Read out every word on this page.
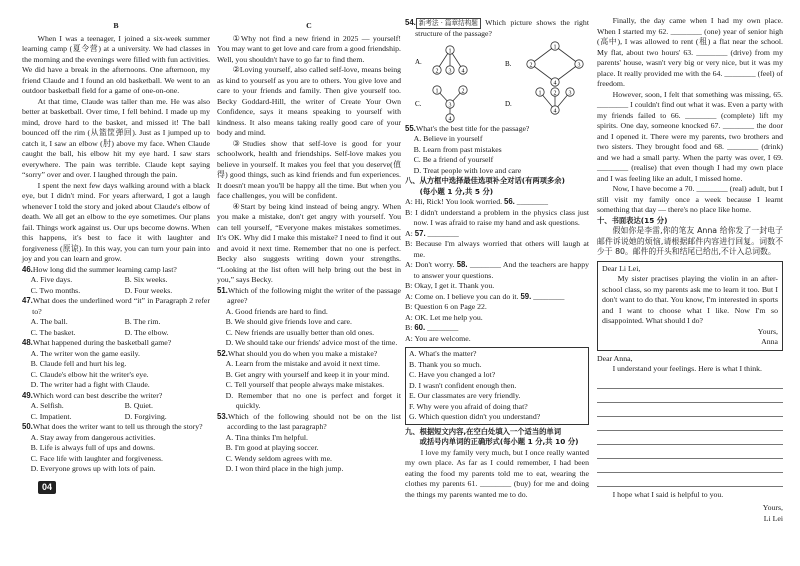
B

When I was a teenager, I joined a six-week summer learning camp (夏令营) at a university. We had classes in the morning and the evenings were filled with fun activities. We did have a break in the afternoons. One afternoon, my friend Claude and I found an old basketball. We went to an outdoor basketball field for a game of one-on-one.

At that time, Claude was taller than me. He was also better at basketball. Over time, I fell behind. I made up my mind, drove hard to the basket, and missed it! The ball bounced off the rim (从篮筐弹回). Just as I jumped up to catch it, I saw an elbow (肘) above my face. When Claude caught the ball, his elbow hit my eye hard. I saw stars everywhere. The pain was terrible. Claude kept saying “sorry” over and over. I laughed through the pain.

I spent the next few days walking around with a black eye, but I didn't mind. For years afterward, I got a laugh whenever I told the story and joked about Claude's elbow of death. We all get an elbow to the eye sometimes. Our plans fail. Things work against us. Our ups become downs. When this happens, it's best to face it with laughter and forgiveness (原谅). In this way, you can turn your pain into joy and you can learn and grow.

46.How long did the summer learning camp last?
A. Five days.	B. Six weeks.
C. Two months.	D. Four weeks.
47.What does the underlined word “it” in Paragraph 2 refer to?
A. The ball.	B. The rim.
C. The basket.	D. The elbow.
48.What happened during the basketball game?
A. The writer won the game easily.
B. Claude fell and hurt his leg.
C. Claude's elbow hit the writer's eye.
D. The writer had a fight with Claude.
49.Which word can best describe the writer?
A. Selfish.	B. Quiet.
C. Impatient.	D. Forgiving.
50.What does the writer want to tell us through the story?
A. Stay away from dangerous activities.
B. Life is always full of ups and downs.
C. Face life with laughter and forgiveness.
D. Everyone grows up with lots of pain.
04
C

①Why not find a new friend in 2025 — yourself! You may want to get love and care from a good friendship. Well, you shouldn't have to go far to find them.

②Loving yourself, also called self-love, means being as kind to yourself as you are to others. You give love and care to your friends and family. Then give yourself too. Becky Goddard-Hill, the writer of Create Your Own Confidence, says it means speaking to yourself with kindness. It also means taking really good care of your body and mind.

③Studies show that self-love is good for your schoolwork, health and friendships. Self-love makes you believe in yourself. It makes you feel that you deserve(值得) good things, such as kind friends and fun experiences. It doesn't mean you'll be happy all the time. But when you face challenges, you will be confident.

④Start by being kind instead of being angry. When you make a mistake, don't get angry with yourself. You can tell yourself, “Everyone makes mistakes sometimes. It's OK. Why did I make this mistake? I need to find it out and avoid it next time. Remember that no one is perfect. Becky also suggests writing down your strengths. “Looking at the list often will help bring out the best in you,” says Becky.

51.Which of the following might the writer of the passage agree?
A. Good friends are hard to find.
B. We should give friends love and care.
C. New friends are usually better than old ones.
D. We should take our friends' advice most of the time.
52.What should you do when you make a mistake?
A. Learn from the mistake and avoid it next time.
B. Get angry with yourself and keep it in your mind.
C. Tell yourself that people always make mistakes.
D. Remember that no one is perfect and forget it quickly.
53.Which of the following should not be on the list according to the last paragraph?
A. Tina thinks I'm helpful.
B. I'm good at playing soccer.
C. Wendy seldom agrees with me.
D. I won third place in the high jump.
54. 新考法 · 篇章结构题 Which picture shows the right structure of the passage?
A.
1
2 3 4
B.
1
2	3
4
C.
1	2
3
4
D.
1 2 3
4
55.What's the best title for the passage?
A. Believe in yourself
B. Learn from past mistakes
C. Be a friend of yourself
D. Treat people with love and care
八、从方框中选择最佳选项补全对话(有两项多余)
(每小题 1 分,共 5 分)
A: Hi, Rick! You look worried. 56. ________
B: I didn't understand a problem in the physics class just now. I was afraid to raise my hand and ask questions.
A: 57. ________
B: Because I'm always worried that others will laugh at me.
A: Don't worry. 58. ________ And the teachers are happy to answer your questions.
B: Okay, I get it. Thank you.
A: Come on. I believe you can do it. 59. ________
B: Question 6 on Page 22.
A: OK. Let me help you.
B: 60. ________
A: You are welcome.
A. What's the matter?
B. Thank you so much.
C. Have you changed a lot?
D. I wasn't confident enough then.
E. Our classmates are very friendly.
F. Why were you afraid of doing that?
G. Which question didn't you understand?
九、根据短文内容,在空白处填入一个适当的单词
或括号内单词的正确形式(每小题 1 分,共 10 分)

I love my family very much, but I once really wanted my own place. As far as I could remember, I had been eating the food my parents told me to eat, wearing the clothes my parents 61. ________ (buy) for me and doing the things my parents wanted me to do.

Finally, the day came when I had my own place. When I started my 62. ________ (one) year of senior high (高中), I was allowed to rent (租) a flat near the school. My flat, about two hours' 63. ________ (drive) from my parents' house, wasn't very big or very nice, but it was my place. It really provided me with the 64. ________ (feel) of freedom.

However, soon, I felt that something was missing, 65. ________ I couldn't find out what it was. Even a party with my friends failed to 66. ________ (complete) lift my spirits. One day, someone knocked 67. ________ the door and I opened it. There were my parents, two brothers and two sisters. They brought food and 68. ________ (drink) and we had a small party. When the party was over, I 69. ________ (realise) that even though I had my own place and I was feeling like an adult, I missed home.

Now, I have become a 70. ________ (real) adult, but I still visit my family once a week because I learnt something that day — there's no place like home.

十、书面表达(15 分)

假如你是李雷,你的笔友 Anna 给你发了一封电子邮件诉说她的烦恼,请根据邮件内容进行回复。词数不少于 80。邮件的开头和结尾已给出,不计入总词数。

Dear Li Lei,

My sister practises playing the violin in an after-school class, so my parents ask me to learn it too. But I don't want to do that. You know, I'm interested in sports and I want to choose what I like. Now I'm so disappointed. What should I do?

Yours,
Anna
Dear Anna,

I understand your feelings. Here is what I think.

I hope what I said is helpful to you.

Yours,
Li Lei
